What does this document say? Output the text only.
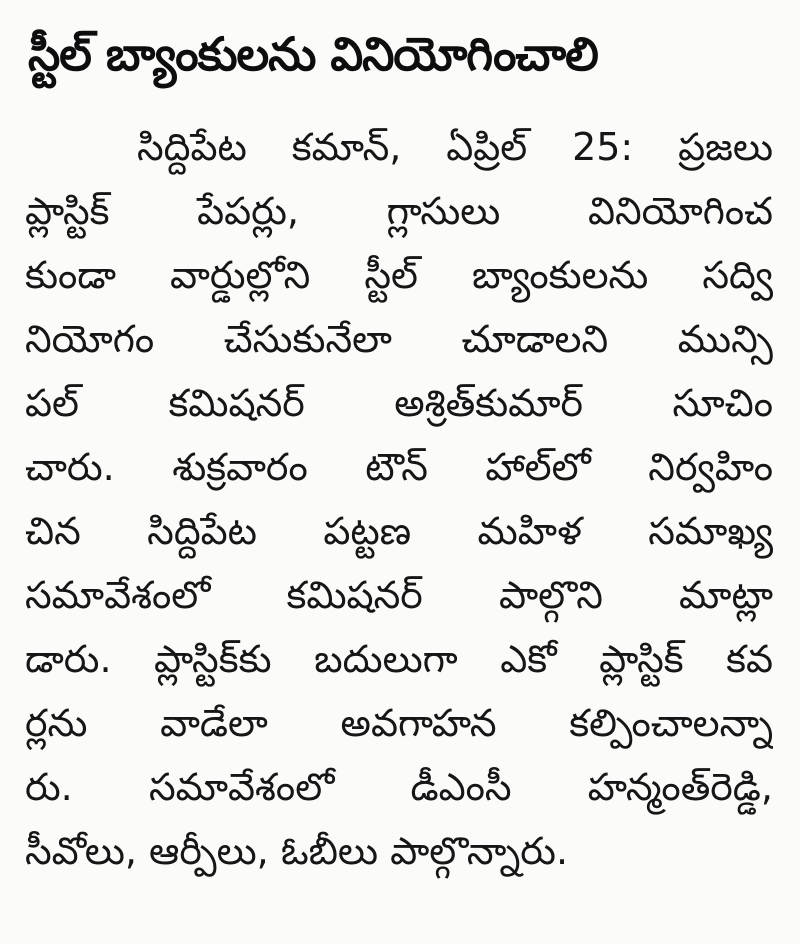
స్టీల్ బ్యాంకులను వినియోగించాలి
సిద్దిపేట కమాన్, ఏప్రిల్ 25: ప్రజలు
ప్లాస్టిక్ పేపర్లు, గ్లాసులు వినియోగించ
కుండా వార్డుల్లోని స్టీల్ బ్యాంకులను సద్వి
నియోగం చేసుకునేలా చూడాలని మున్సి
పల్ కమిషనర్ అశ్రిత్‌కుమార్ సూచిం
చారు. శుక్రవారం టౌన్ హాల్‌లో నిర్వహిం
చిన సిద్దిపేట పట్టణ మహిళ సమాఖ్య
సమావేశంలో కమిషనర్ పాల్గొని మాట్లా
డారు. ప్లాస్టిక్‌కు బదులుగా ఎకో ప్లాస్టిక్ కవ
ర్లను వాడేలా అవగాహన కల్పించాలన్నా
రు. సమావేశంలో డీఎంసీ హన్మంత్‌రెడ్డి,
సీవోలు, ఆర్పీలు, ఓబీలు పాల్గొన్నారు.
